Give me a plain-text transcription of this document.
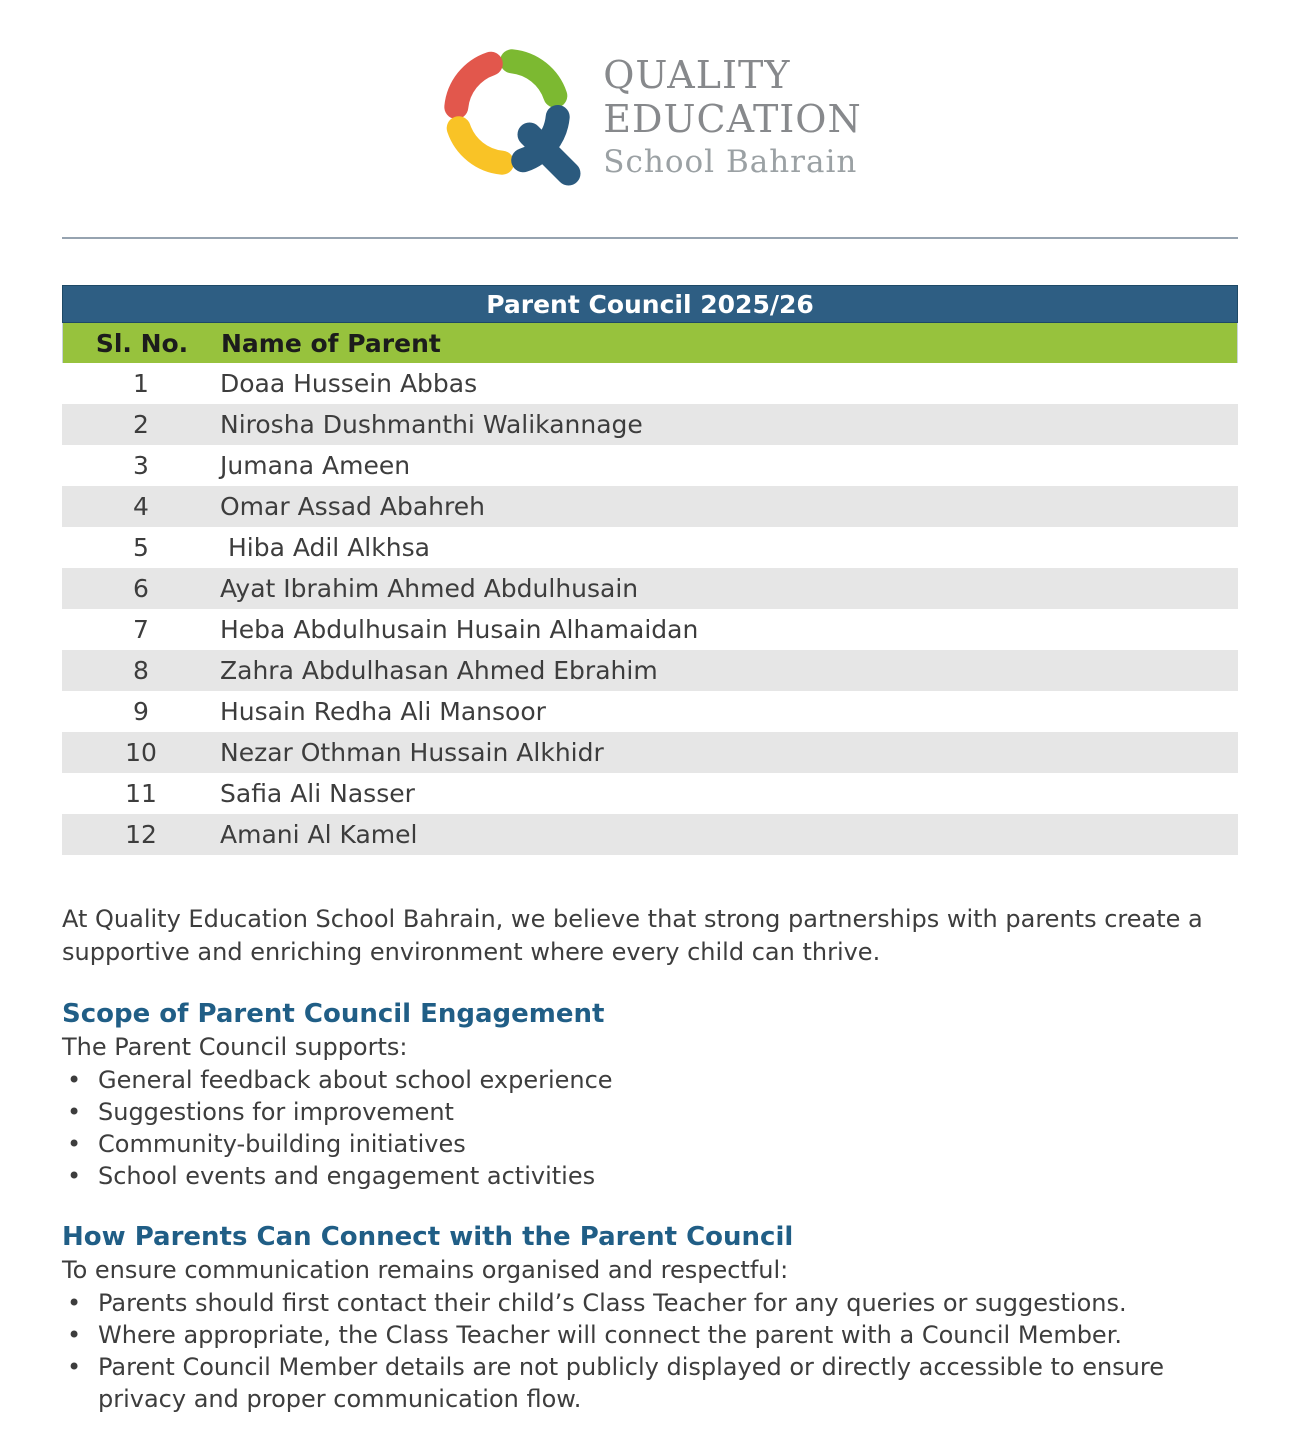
QUALITY
EDUCATION
School Bahrain
Parent Council 2025/26
Sl. No.	Name of Parent
1	Doaa Hussein Abbas
2	Nirosha Dushmanthi Walikannage
3	Jumana Ameen
4	Omar Assad Abahreh
5	Hiba Adil Alkhsa
6	Ayat Ibrahim Ahmed Abdulhusain
7	Heba Abdulhusain Husain Alhamaidan
8	Zahra Abdulhasan Ahmed Ebrahim
9	Husain Redha Ali Mansoor
10	Nezar Othman Hussain Alkhidr
11	Safia Ali Nasser
12	Amani Al Kamel

At Quality Education School Bahrain, we believe that strong partnerships with parents create a supportive and enriching environment where every child can thrive.

Scope of Parent Council Engagement
The Parent Council supports:
• General feedback about school experience
• Suggestions for improvement
• Community-building initiatives
• School events and engagement activities
How Parents Can Connect with the Parent Council
To ensure communication remains organised and respectful:
• Parents should first contact their child’s Class Teacher for any queries or suggestions.
• Where appropriate, the Class Teacher will connect the parent with a Council Member.
• Parent Council Member details are not publicly displayed or directly accessible to ensure privacy and proper communication flow.
